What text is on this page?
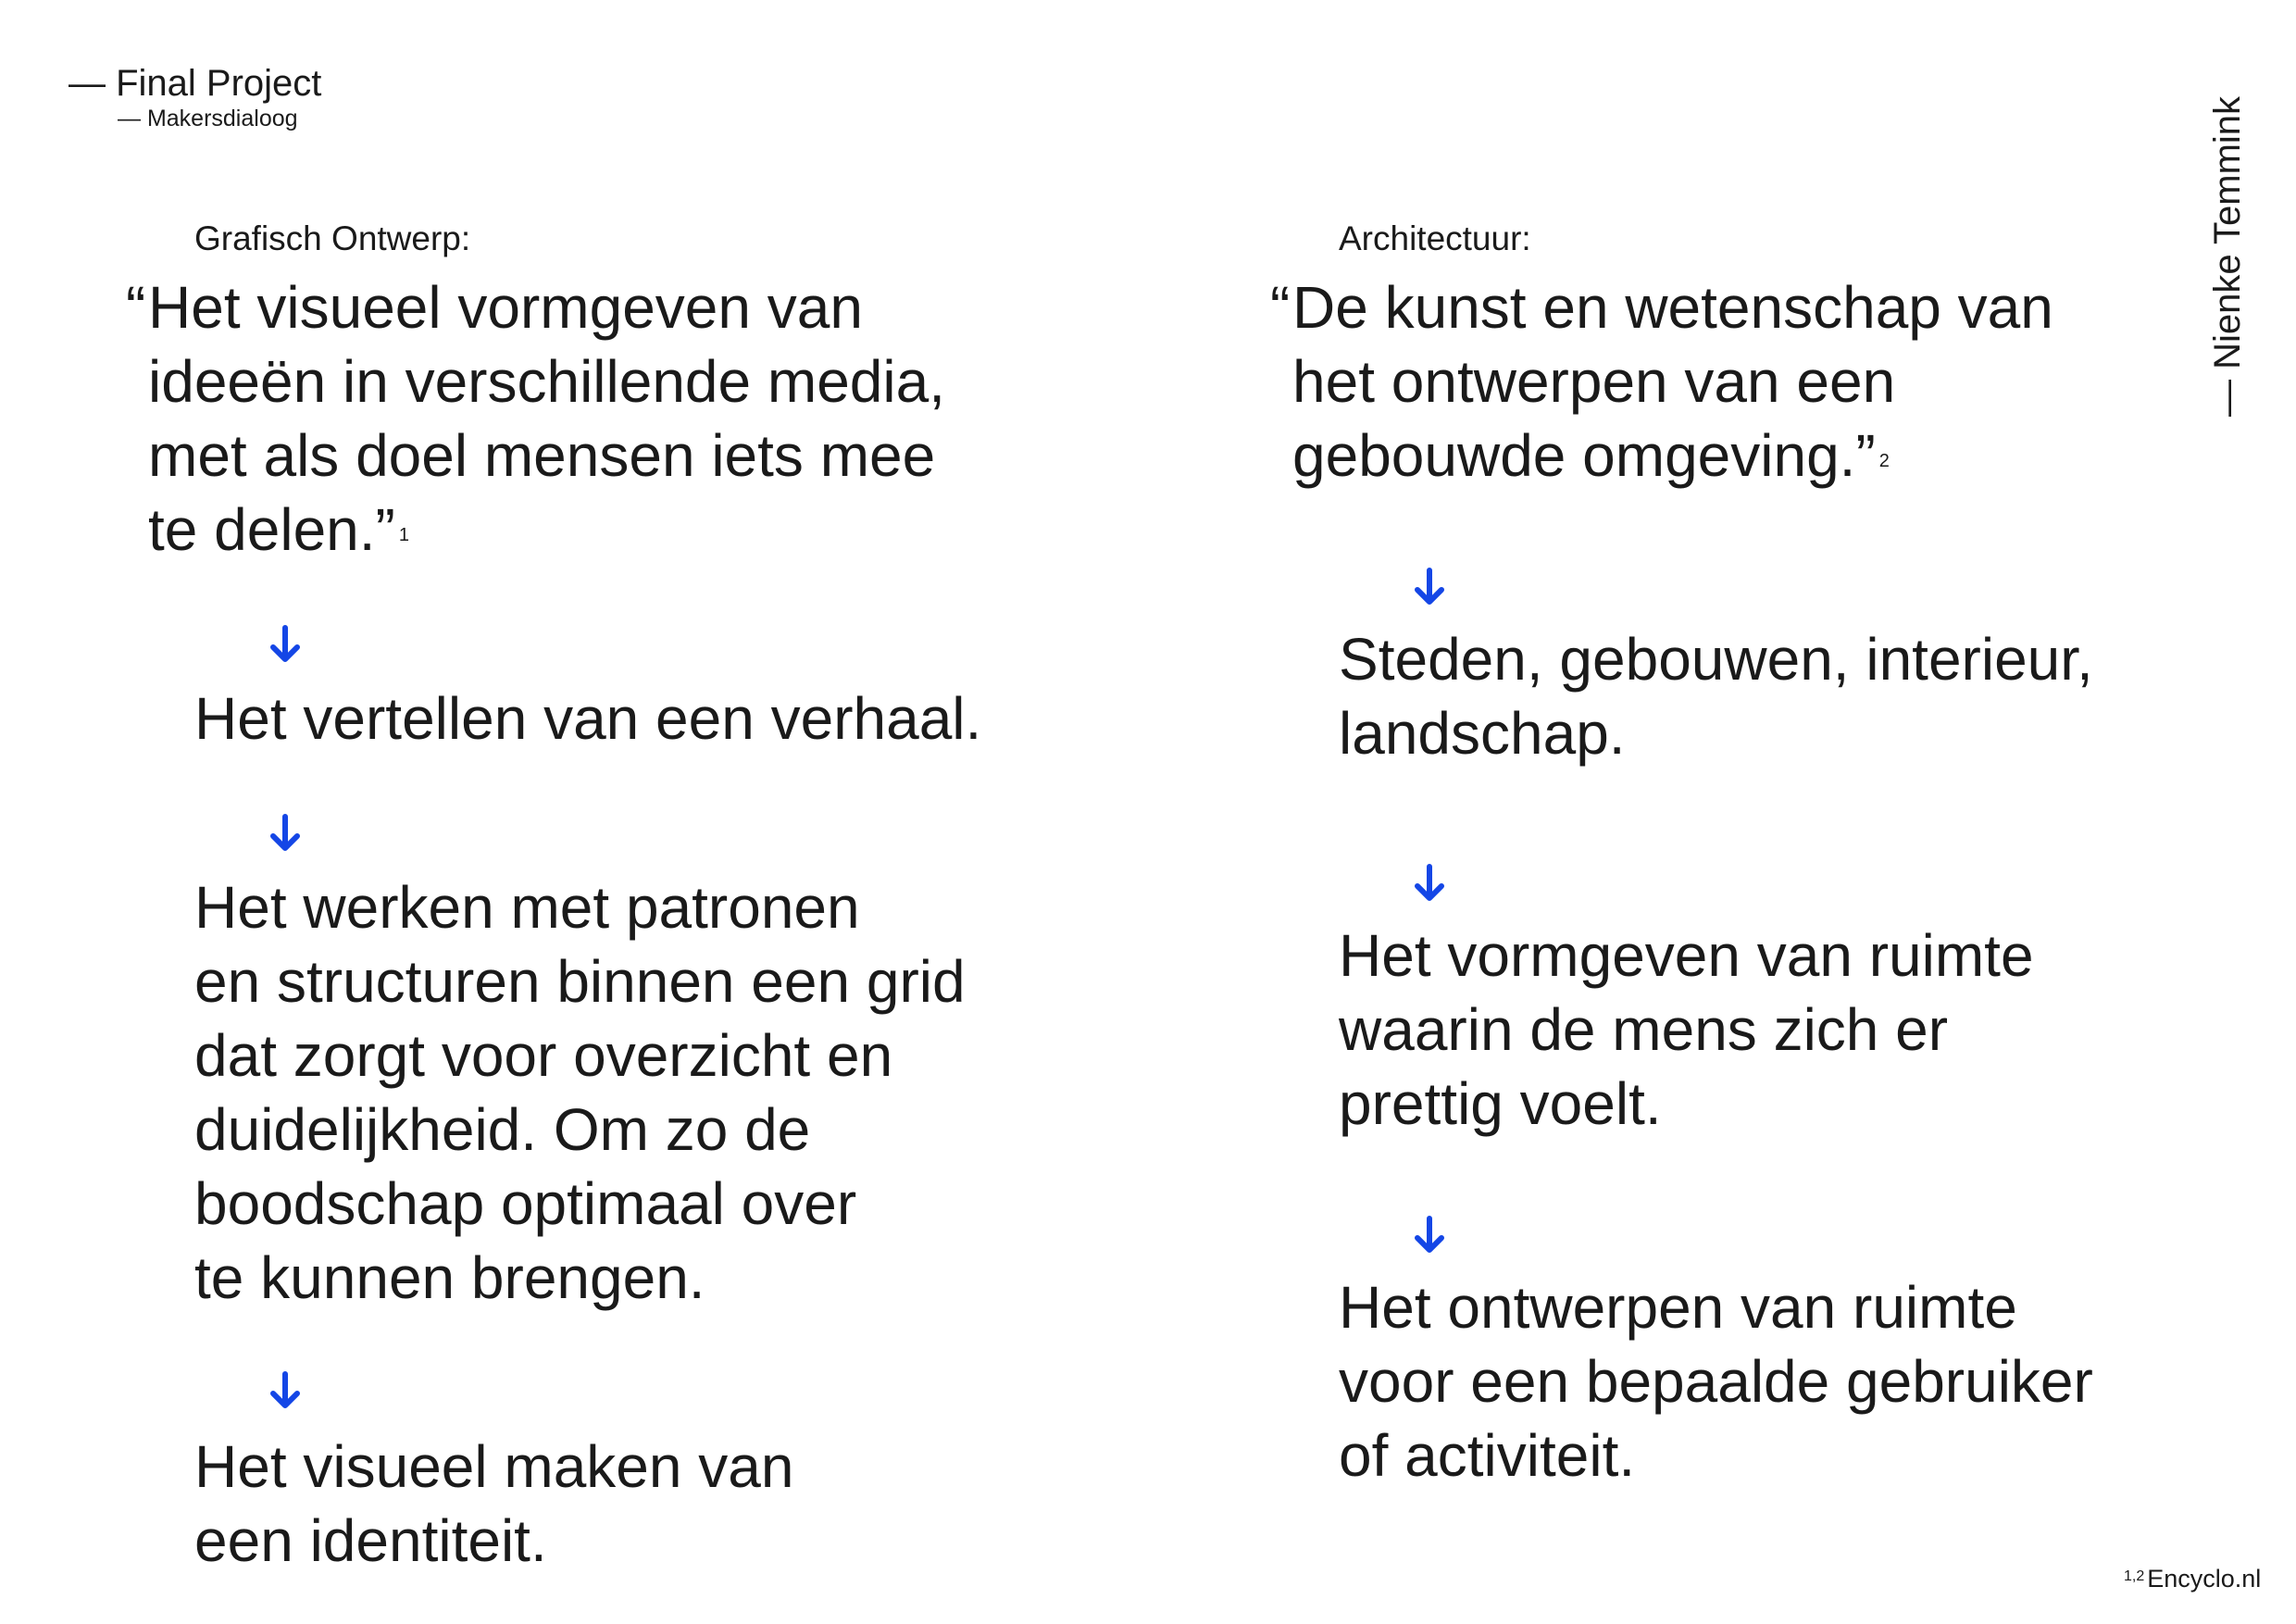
— Final Project
— Makersdialoog	— Nienke Temmink
Grafisch Ontwerp:
“Het visueel vormgeven van
ideeën in verschillende media,
met als doel mensen iets mee
te delen.” $^1$
Het vertellen van een verhaal.
Het werken met patronen
en structuren binnen een grid
dat zorgt voor overzicht en
duidelijkheid. Om zo de
boodschap optimaal over
te kunnen brengen.
Het visueel maken van
een identiteit.
Architectuur:
“De kunst en wetenschap van
het ontwerpen van een
gebouwde omgeving.” $^2$
Steden, gebouwen, interieur,
landschap.
Het vormgeven van ruimte
waarin de mens zich er
prettig voelt.
Het ontwerpen van ruimte
voor een bepaalde gebruiker
of activiteit.
$^{1,2}$ Encyclo.nl
